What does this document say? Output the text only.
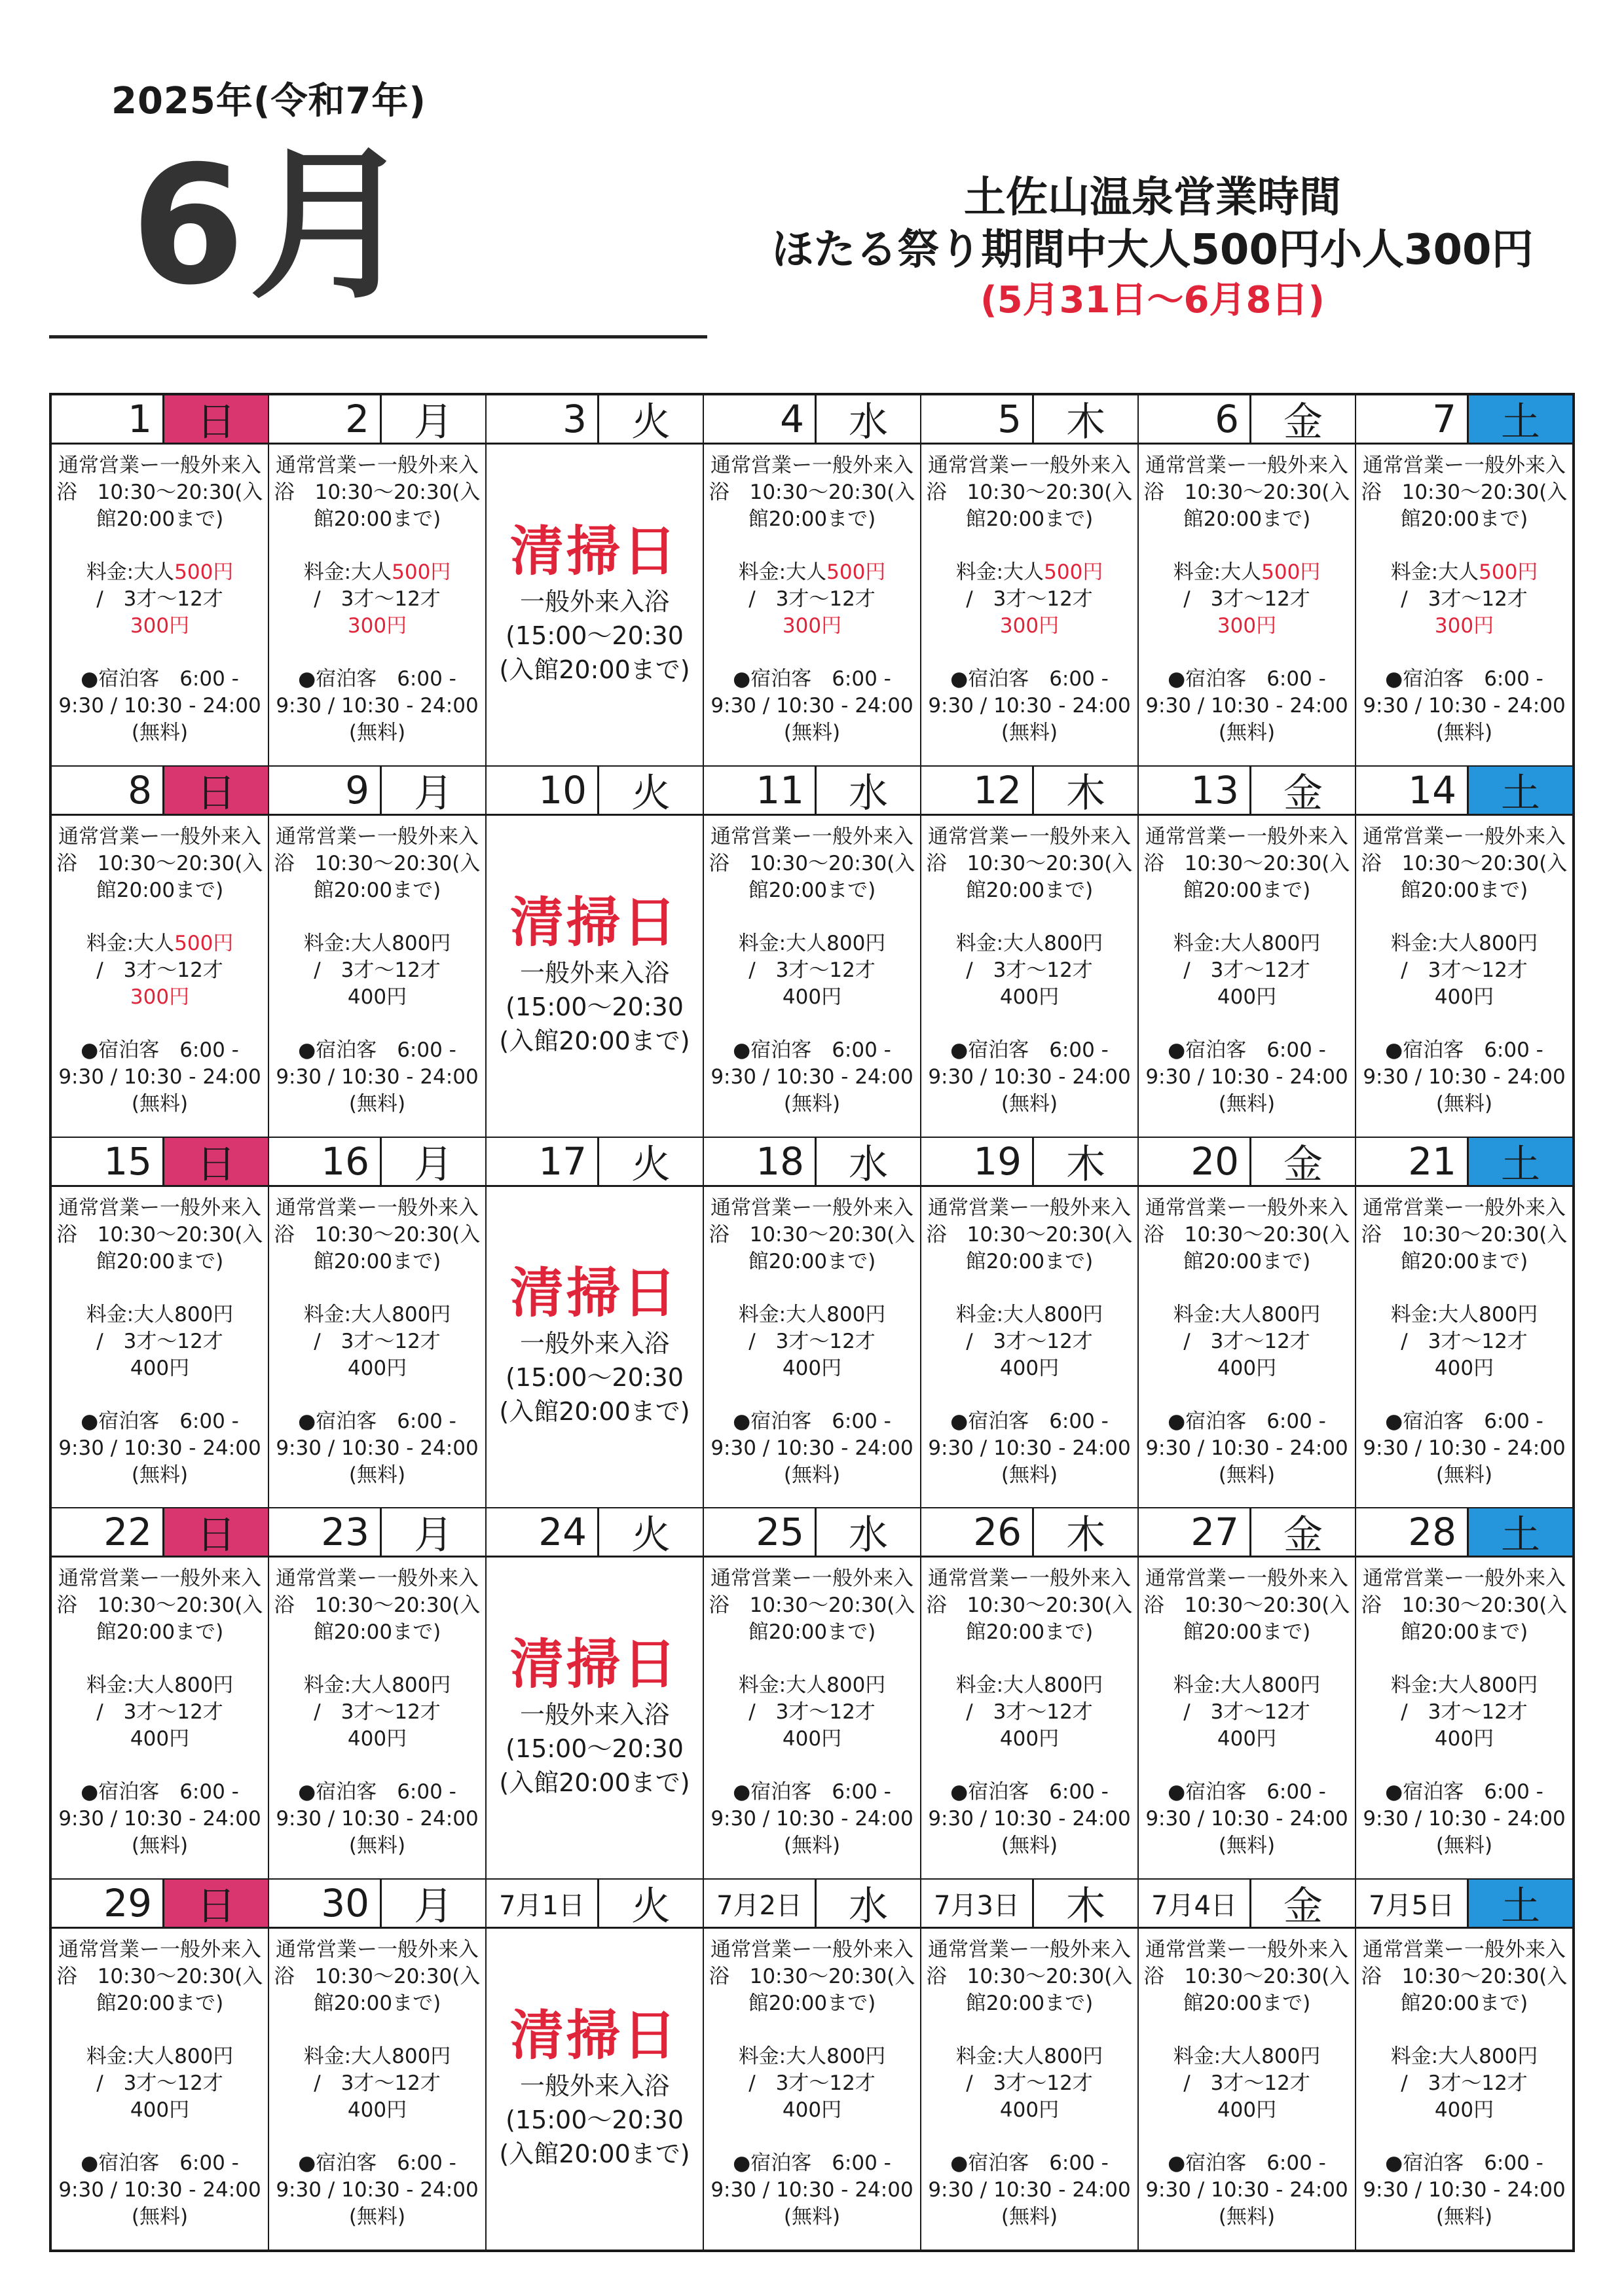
2025年(令和7年)
6月	土佐山温泉営業時間
ほたる祭り期間中大人500円小人300円
(5月31日〜6月8日)
1	日
通常営業ー一般外来入
浴　10:30〜20:30(入
館20:00まで)
料金:大人500円
/　3才〜12才
300円
●宿泊客　6:00 -
9:30 / 10:30 - 24:00
(無料)
2	月
通常営業ー一般外来入
浴　10:30〜20:30(入
館20:00まで)
料金:大人500円
/　3才〜12才
300円
●宿泊客　6:00 -
9:30 / 10:30 - 24:00
(無料)
3	火
清掃日
一般外来入浴
(15:00〜20:30
(入館20:00まで)
4	水
通常営業ー一般外来入
浴　10:30〜20:30(入
館20:00まで)
料金:大人500円
/　3才〜12才
300円
●宿泊客　6:00 -
9:30 / 10:30 - 24:00
(無料)
5	木
通常営業ー一般外来入
浴　10:30〜20:30(入
館20:00まで)
料金:大人500円
/　3才〜12才
300円
●宿泊客　6:00 -
9:30 / 10:30 - 24:00
(無料)
6	金
通常営業ー一般外来入
浴　10:30〜20:30(入
館20:00まで)
料金:大人500円
/　3才〜12才
300円
●宿泊客　6:00 -
9:30 / 10:30 - 24:00
(無料)
7	土
通常営業ー一般外来入
浴　10:30〜20:30(入
館20:00まで)
料金:大人500円
/　3才〜12才
300円
●宿泊客　6:00 -
9:30 / 10:30 - 24:00
(無料)
8	日
通常営業ー一般外来入
浴　10:30〜20:30(入
館20:00まで)
料金:大人500円
/　3才〜12才
300円
●宿泊客　6:00 -
9:30 / 10:30 - 24:00
(無料)
9	月
通常営業ー一般外来入
浴　10:30〜20:30(入
館20:00まで)
料金:大人800円
/　3才〜12才
400円
●宿泊客　6:00 -
9:30 / 10:30 - 24:00
(無料)
10	火
清掃日
一般外来入浴
(15:00〜20:30
(入館20:00まで)
11	水
通常営業ー一般外来入
浴　10:30〜20:30(入
館20:00まで)
料金:大人800円
/　3才〜12才
400円
●宿泊客　6:00 -
9:30 / 10:30 - 24:00
(無料)
12	木
通常営業ー一般外来入
浴　10:30〜20:30(入
館20:00まで)
料金:大人800円
/　3才〜12才
400円
●宿泊客　6:00 -
9:30 / 10:30 - 24:00
(無料)
13	金
通常営業ー一般外来入
浴　10:30〜20:30(入
館20:00まで)
料金:大人800円
/　3才〜12才
400円
●宿泊客　6:00 -
9:30 / 10:30 - 24:00
(無料)
14	土
通常営業ー一般外来入
浴　10:30〜20:30(入
館20:00まで)
料金:大人800円
/　3才〜12才
400円
●宿泊客　6:00 -
9:30 / 10:30 - 24:00
(無料)
15	日
通常営業ー一般外来入
浴　10:30〜20:30(入
館20:00まで)
料金:大人800円
/　3才〜12才
400円
●宿泊客　6:00 -
9:30 / 10:30 - 24:00
(無料)
16	月
通常営業ー一般外来入
浴　10:30〜20:30(入
館20:00まで)
料金:大人800円
/　3才〜12才
400円
●宿泊客　6:00 -
9:30 / 10:30 - 24:00
(無料)
17	火
清掃日
一般外来入浴
(15:00〜20:30
(入館20:00まで)
18	水
通常営業ー一般外来入
浴　10:30〜20:30(入
館20:00まで)
料金:大人800円
/　3才〜12才
400円
●宿泊客　6:00 -
9:30 / 10:30 - 24:00
(無料)
19	木
通常営業ー一般外来入
浴　10:30〜20:30(入
館20:00まで)
料金:大人800円
/　3才〜12才
400円
●宿泊客　6:00 -
9:30 / 10:30 - 24:00
(無料)
20	金
通常営業ー一般外来入
浴　10:30〜20:30(入
館20:00まで)
料金:大人800円
/　3才〜12才
400円
●宿泊客　6:00 -
9:30 / 10:30 - 24:00
(無料)
21	土
通常営業ー一般外来入
浴　10:30〜20:30(入
館20:00まで)
料金:大人800円
/　3才〜12才
400円
●宿泊客　6:00 -
9:30 / 10:30 - 24:00
(無料)
22	日
通常営業ー一般外来入
浴　10:30〜20:30(入
館20:00まで)
料金:大人800円
/　3才〜12才
400円
●宿泊客　6:00 -
9:30 / 10:30 - 24:00
(無料)
23	月
通常営業ー一般外来入
浴　10:30〜20:30(入
館20:00まで)
料金:大人800円
/　3才〜12才
400円
●宿泊客　6:00 -
9:30 / 10:30 - 24:00
(無料)
24	火
清掃日
一般外来入浴
(15:00〜20:30
(入館20:00まで)
25	水
通常営業ー一般外来入
浴　10:30〜20:30(入
館20:00まで)
料金:大人800円
/　3才〜12才
400円
●宿泊客　6:00 -
9:30 / 10:30 - 24:00
(無料)
26	木
通常営業ー一般外来入
浴　10:30〜20:30(入
館20:00まで)
料金:大人800円
/　3才〜12才
400円
●宿泊客　6:00 -
9:30 / 10:30 - 24:00
(無料)
27	金
通常営業ー一般外来入
浴　10:30〜20:30(入
館20:00まで)
料金:大人800円
/　3才〜12才
400円
●宿泊客　6:00 -
9:30 / 10:30 - 24:00
(無料)
28	土
通常営業ー一般外来入
浴　10:30〜20:30(入
館20:00まで)
料金:大人800円
/　3才〜12才
400円
●宿泊客　6:00 -
9:30 / 10:30 - 24:00
(無料)
29	日
通常営業ー一般外来入
浴　10:30〜20:30(入
館20:00まで)
料金:大人800円
/　3才〜12才
400円
●宿泊客　6:00 -
9:30 / 10:30 - 24:00
(無料)
30	月
通常営業ー一般外来入
浴　10:30〜20:30(入
館20:00まで)
料金:大人800円
/　3才〜12才
400円
●宿泊客　6:00 -
9:30 / 10:30 - 24:00
(無料)
7月1日	火
清掃日
一般外来入浴
(15:00〜20:30
(入館20:00まで)
7月2日	水
通常営業ー一般外来入
浴　10:30〜20:30(入
館20:00まで)
料金:大人800円
/　3才〜12才
400円
●宿泊客　6:00 -
9:30 / 10:30 - 24:00
(無料)
7月3日	木
通常営業ー一般外来入
浴　10:30〜20:30(入
館20:00まで)
料金:大人800円
/　3才〜12才
400円
●宿泊客　6:00 -
9:30 / 10:30 - 24:00
(無料)
7月4日	金
通常営業ー一般外来入
浴　10:30〜20:30(入
館20:00まで)
料金:大人800円
/　3才〜12才
400円
●宿泊客　6:00 -
9:30 / 10:30 - 24:00
(無料)
7月5日	土
通常営業ー一般外来入
浴　10:30〜20:30(入
館20:00まで)
料金:大人800円
/　3才〜12才
400円
●宿泊客　6:00 -
9:30 / 10:30 - 24:00
(無料)
